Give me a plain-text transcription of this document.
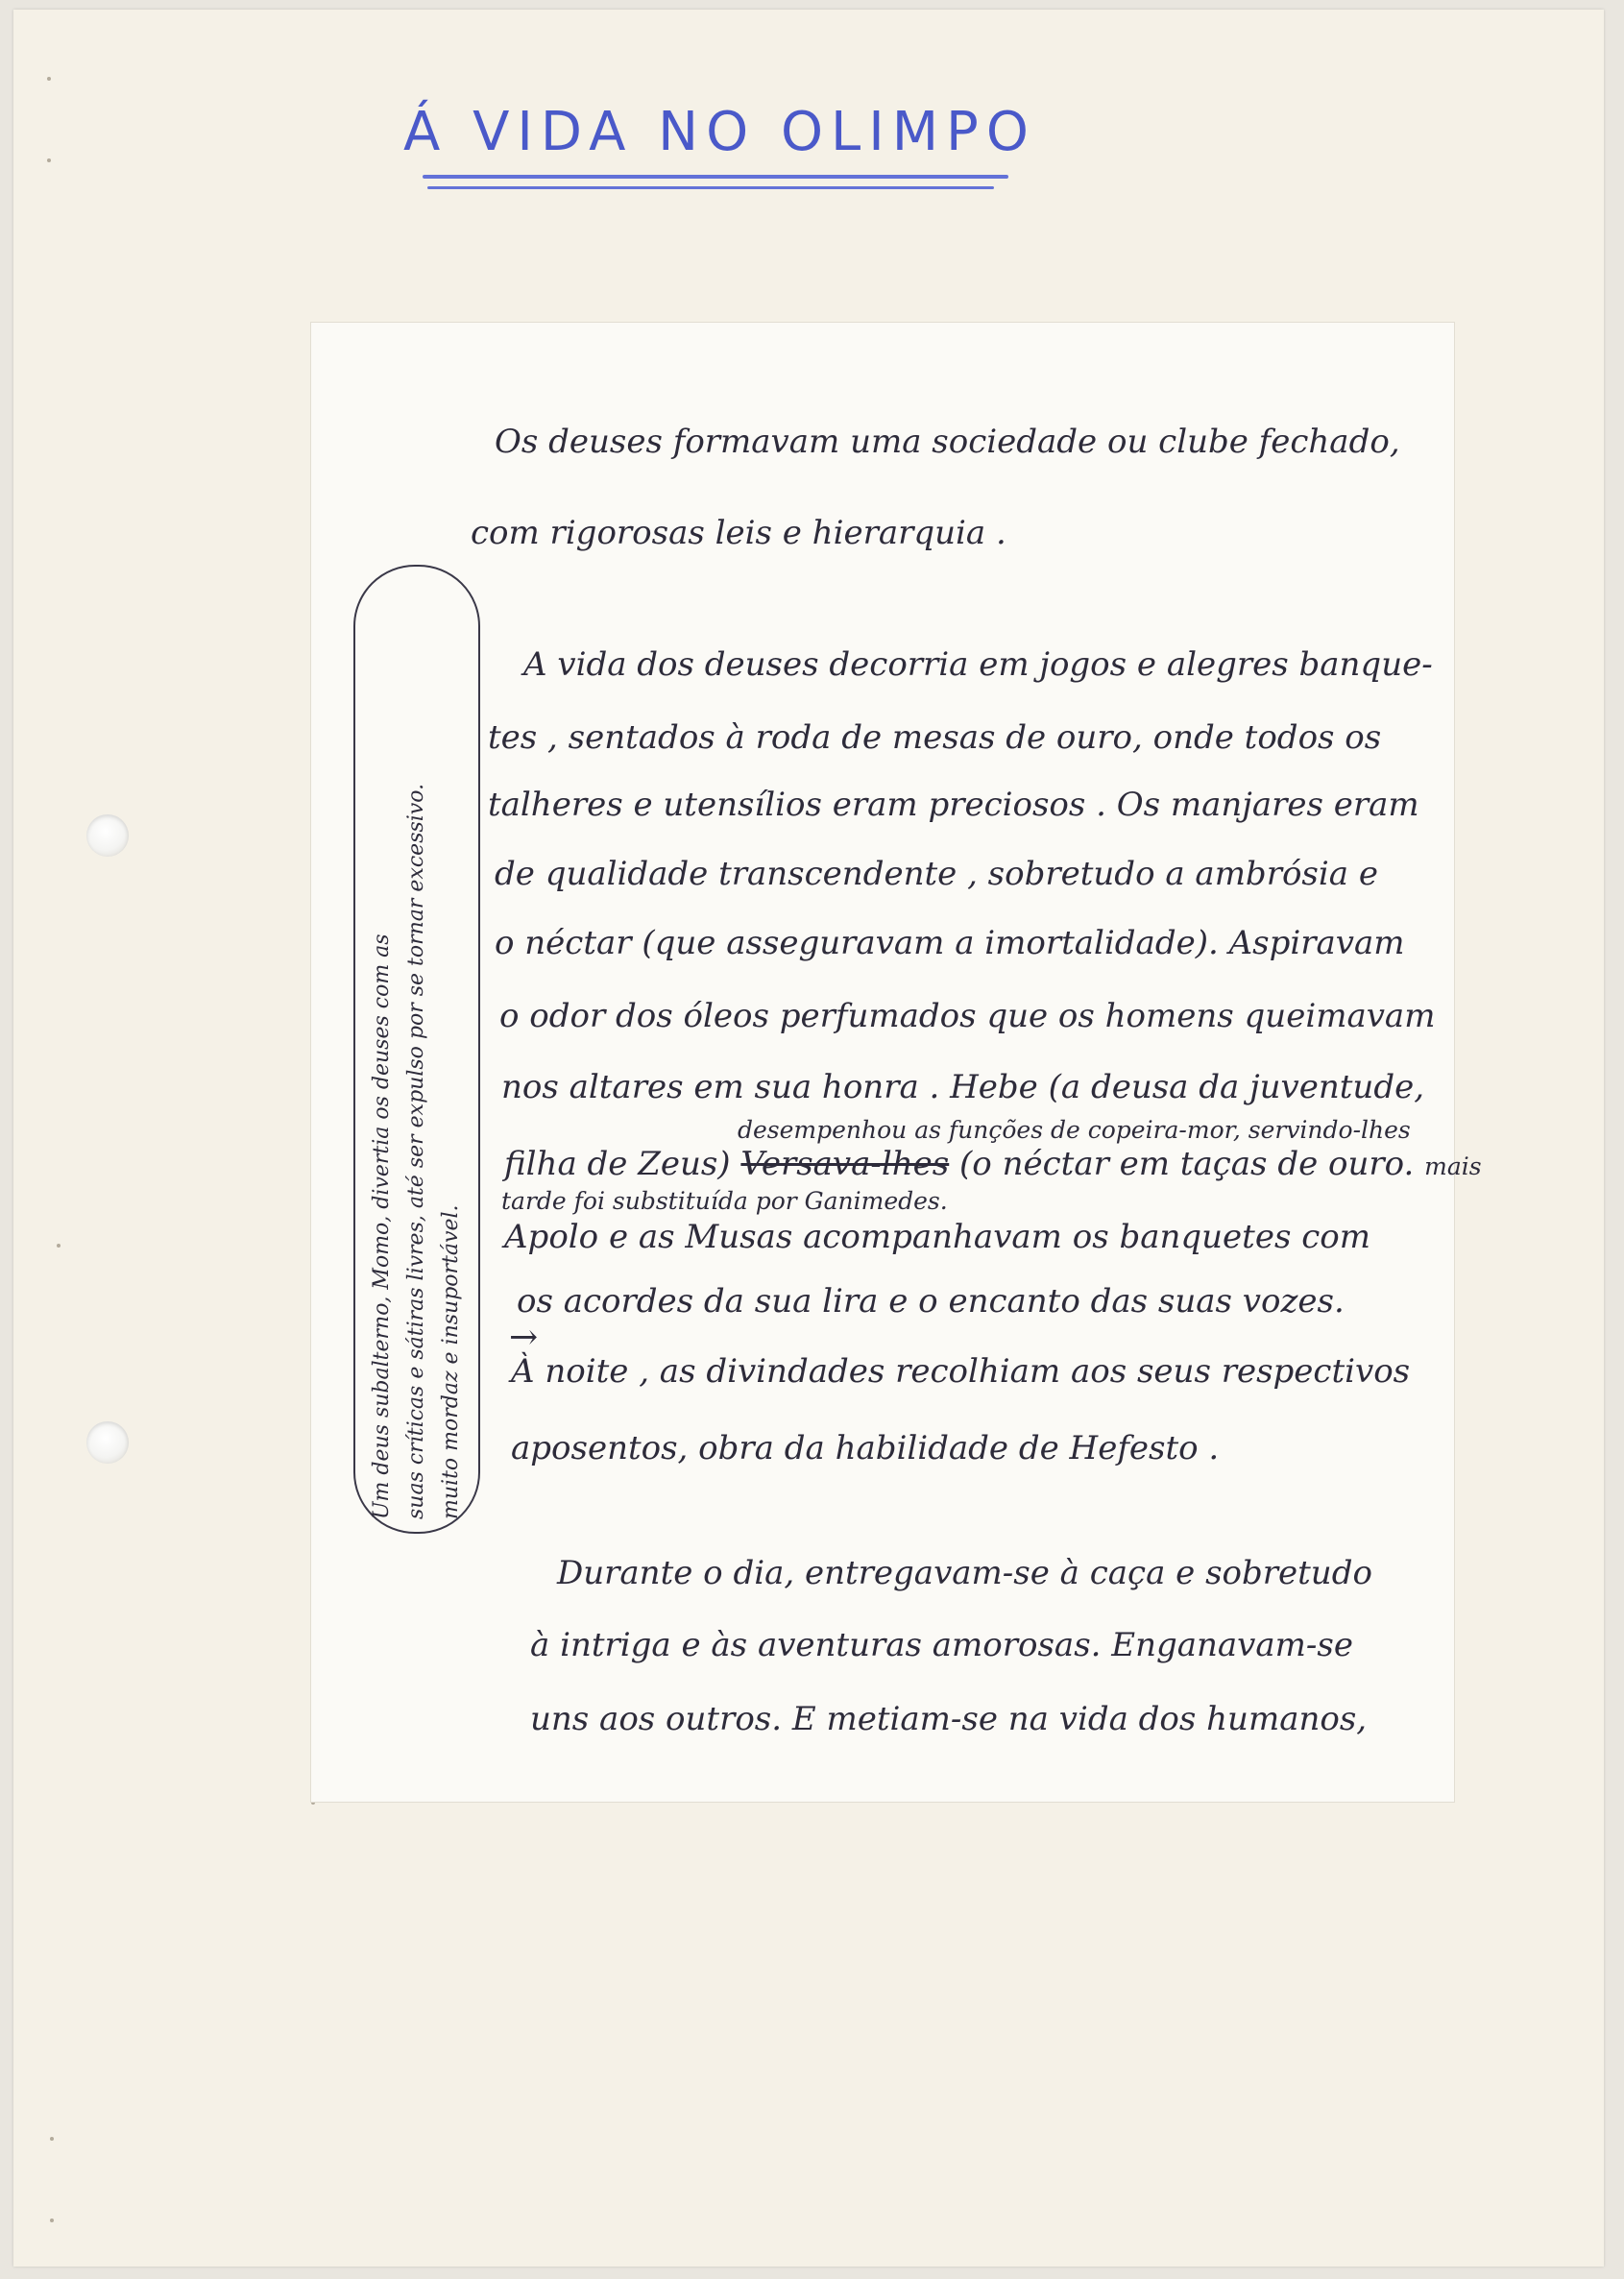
Á VIDA NO OLIMPO
Os deuses formavam uma sociedade ou clube fechado,
com rigorosas leis e hierarquia .
A vida dos deuses decorria em jogos e alegres banque-
tes , sentados à roda de mesas de ouro, onde todos os
talheres e utensílios eram preciosos . Os manjares eram
de qualidade transcendente , sobretudo a ambrósia e
o néctar (que asseguravam a imortalidade). Aspiravam
o odor dos óleos perfumados que os homens queimavam
nos altares em sua honra . Hebe (a deusa da juventude,
desempenhou as funções de copeira-mor, servindo-lhes
filha de Zeus) Versava-lhes (o néctar em taças de ouro. mais
tarde foi substituída por Ganimedes.
Apolo e as Musas acompanhavam os banquetes com
os acordes da sua lira e o encanto das suas vozes.
→
À noite , as divindades recolhiam aos seus respectivos
aposentos, obra da habilidade de Hefesto .
Durante o dia, entregavam-se à caça e sobretudo
à intriga e às aventuras amorosas. Enganavam-se
uns aos outros. E metiam-se na vida dos humanos,
Um deus subalterno, Momo, divertia os deuses com as suas críticas e sátiras livres, até ser expulso por se tornar excessivo. muito mordaz e insuportável.
